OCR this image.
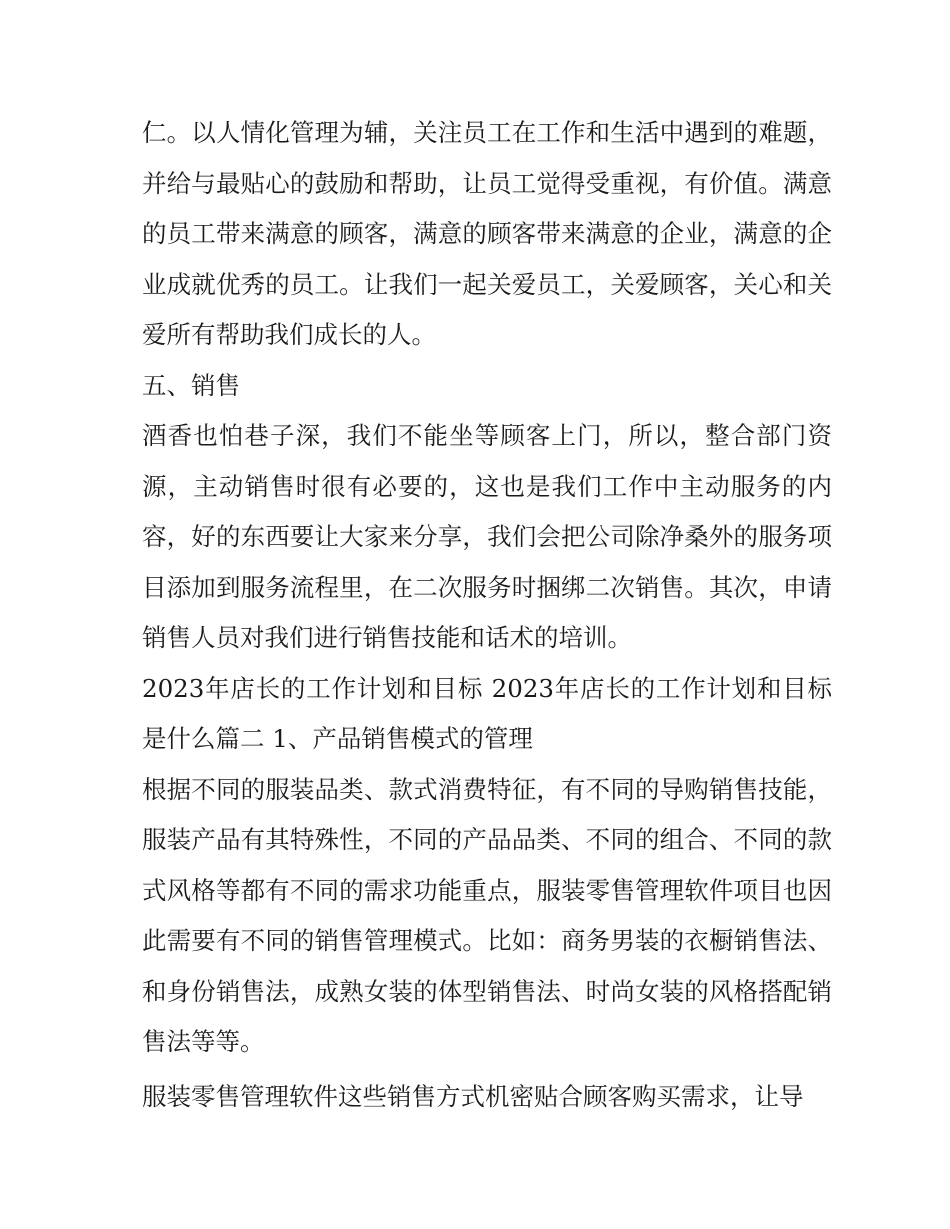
仁。以人情化管理为辅，关注员工在工作和生活中遇到的难题，并给与最贴心的鼓励和帮助，让员工觉得受重视，有价值。满意的员工带来满意的顾客，满意的顾客带来满意的企业，满意的企业成就优秀的员工。让我们一起关爱员工，关爱顾客，关心和关爱所有帮助我们成长的人。

五、销售

酒香也怕巷子深，我们不能坐等顾客上门，所以，整合部门资源，主动销售时很有必要的，这也是我们工作中主动服务的内容，好的东西要让大家来分享，我们会把公司除净桑外的服务项目添加到服务流程里，在二次服务时捆绑二次销售。其次，申请销售人员对我们进行销售技能和话术的培训。

2023年店长的工作计划和目标 2023年店长的工作计划和目标是什么篇二 1、产品销售模式的管理

根据不同的服装品类、款式消费特征，有不同的导购销售技能，服装产品有其特殊性，不同的产品品类、不同的组合、不同的款式风格等都有不同的需求功能重点，服装零售管理软件项目也因此需要有不同的销售管理模式。比如：商务男装的衣橱销售法、和身份销售法，成熟女装的体型销售法、时尚女装的风格搭配销售法等等。

服装零售管理软件这些销售方式机密贴合顾客购买需求，让导
